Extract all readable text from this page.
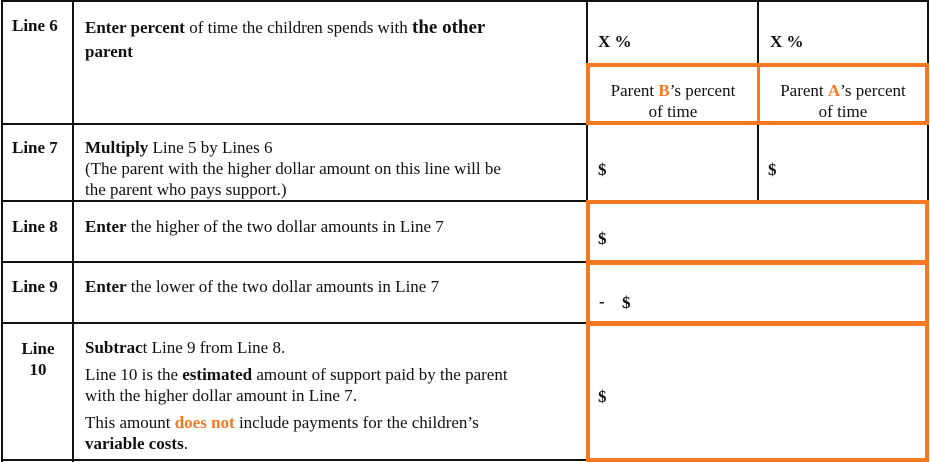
Line 6 Enter percent of time the children spends with the other
parent
X %	X %
Parent B’s percent
of time
Parent A’s percent
of time
Line 7 Multiply Line 5 by Lines 6
(The parent with the higher dollar amount on this line will be
the parent who pays support.)
$	$
Line 8 Enter the higher of the two dollar amounts in Line 7
$
Line 9 Enter the lower of the two dollar amounts in Line 7
- $
Line
10

Subtract Line 9 from Line 8.

Line 10 is the estimated amount of support paid by the parent
with the higher dollar amount in Line 7.

This amount does not include payments for the children’s
variable costs.

$
